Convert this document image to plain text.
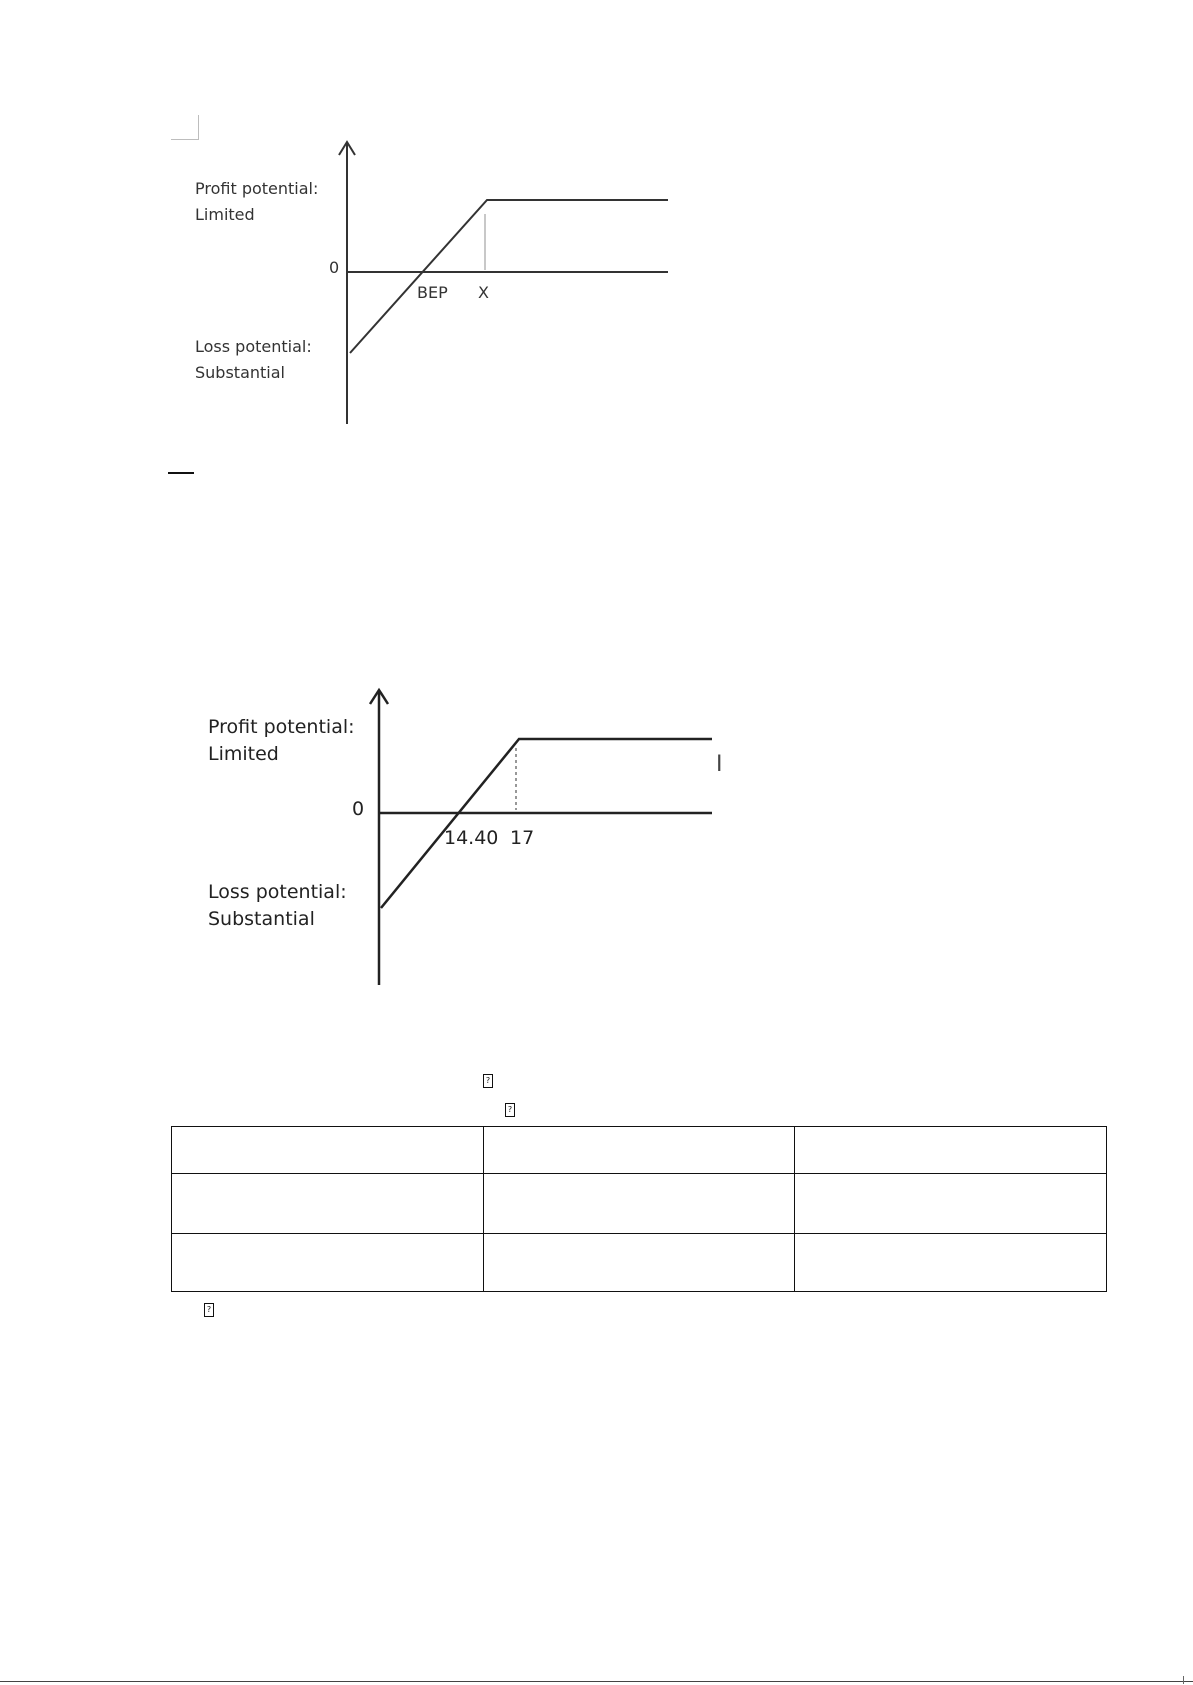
Profit potential:
Limited
0
BEP X
Loss potential:
Substantial
Profit potential:
Limited
0
14.40 17
Loss potential:
Substantial
I
?
?

?
